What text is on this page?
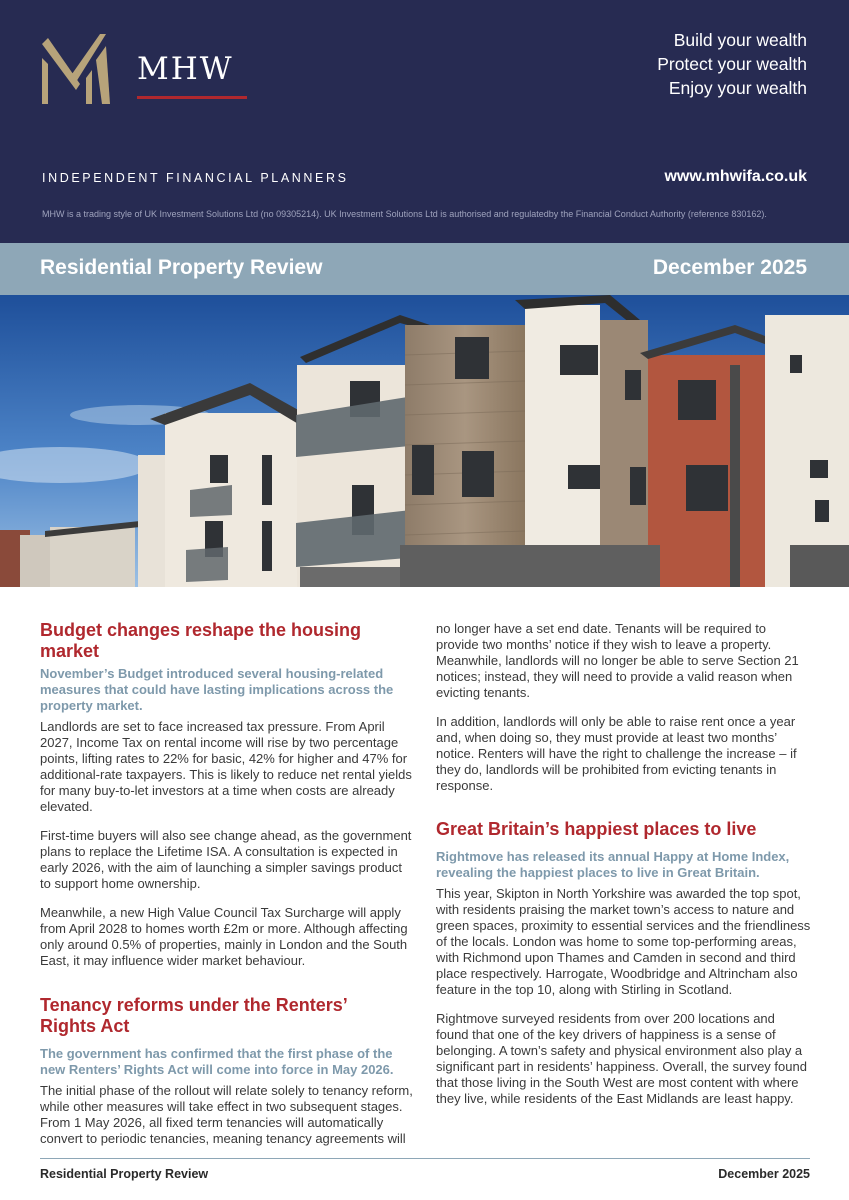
MHW
Build your wealth
Protect your wealth
Enjoy your wealth
INDEPENDENT FINANCIAL PLANNERS	www.mhwifa.co.uk
MHW is a trading style of UK Investment Solutions Ltd (no 09305214). UK Investment Solutions Ltd is authorised and regulatedby the Financial Conduct Authority (reference 830162).
Residential Property Review	December 2025
Budget changes reshape the housing market
November’s Budget introduced several housing-related measures that could have lasting implications across the property market.

Landlords are set to face increased tax pressure. From April 2027, Income Tax on rental income will rise by two percentage points, lifting rates to 22% for basic, 42% for higher and 47% for additional-rate taxpayers. This is likely to reduce net rental yields for many buy-to-let investors at a time when costs are already elevated.

First-time buyers will also see change ahead, as the government plans to replace the Lifetime ISA. A consultation is expected in early 2026, with the aim of launching a simpler savings product to support home ownership.

Meanwhile, a new High Value Council Tax Surcharge will apply from April 2028 to homes worth £2m or more. Although affecting only around 0.5% of properties, mainly in London and the South East, it may influence wider market behaviour.

Tenancy reforms under the Renters’ Rights Act
The government has confirmed that the first phase of the new Renters’ Rights Act will come into force in May 2026.

The initial phase of the rollout will relate solely to tenancy reform, while other measures will take effect in two subsequent stages. From 1 May 2026, all fixed term tenancies will automatically convert to periodic tenancies, meaning tenancy agreements will

no longer have a set end date. Tenants will be required to provide two months’ notice if they wish to leave a property. Meanwhile, landlords will no longer be able to serve Section 21 notices; instead, they will need to provide a valid reason when evicting tenants.

In addition, landlords will only be able to raise rent once a year and, when doing so, they must provide at least two months’ notice. Renters will have the right to challenge the increase – if they do, landlords will be prohibited from evicting tenants in response.

Great Britain’s happiest places to live
Rightmove has released its annual Happy at Home Index, revealing the happiest places to live in Great Britain.

This year, Skipton in North Yorkshire was awarded the top spot, with residents praising the market town’s access to nature and green spaces, proximity to essential services and the friendliness of the locals. London was home to some top-performing areas, with Richmond upon Thames and Camden in second and third place respectively. Harrogate, Woodbridge and Altrincham also feature in the top 10, along with Stirling in Scotland.

Rightmove surveyed residents from over 200 locations and found that one of the key drivers of happiness is a sense of belonging. A town’s safety and physical environment also play a significant part in residents’ happiness. Overall, the survey found that those living in the South West are most content with where they live, while residents of the East Midlands are least happy.

Residential Property Review	December 2025
